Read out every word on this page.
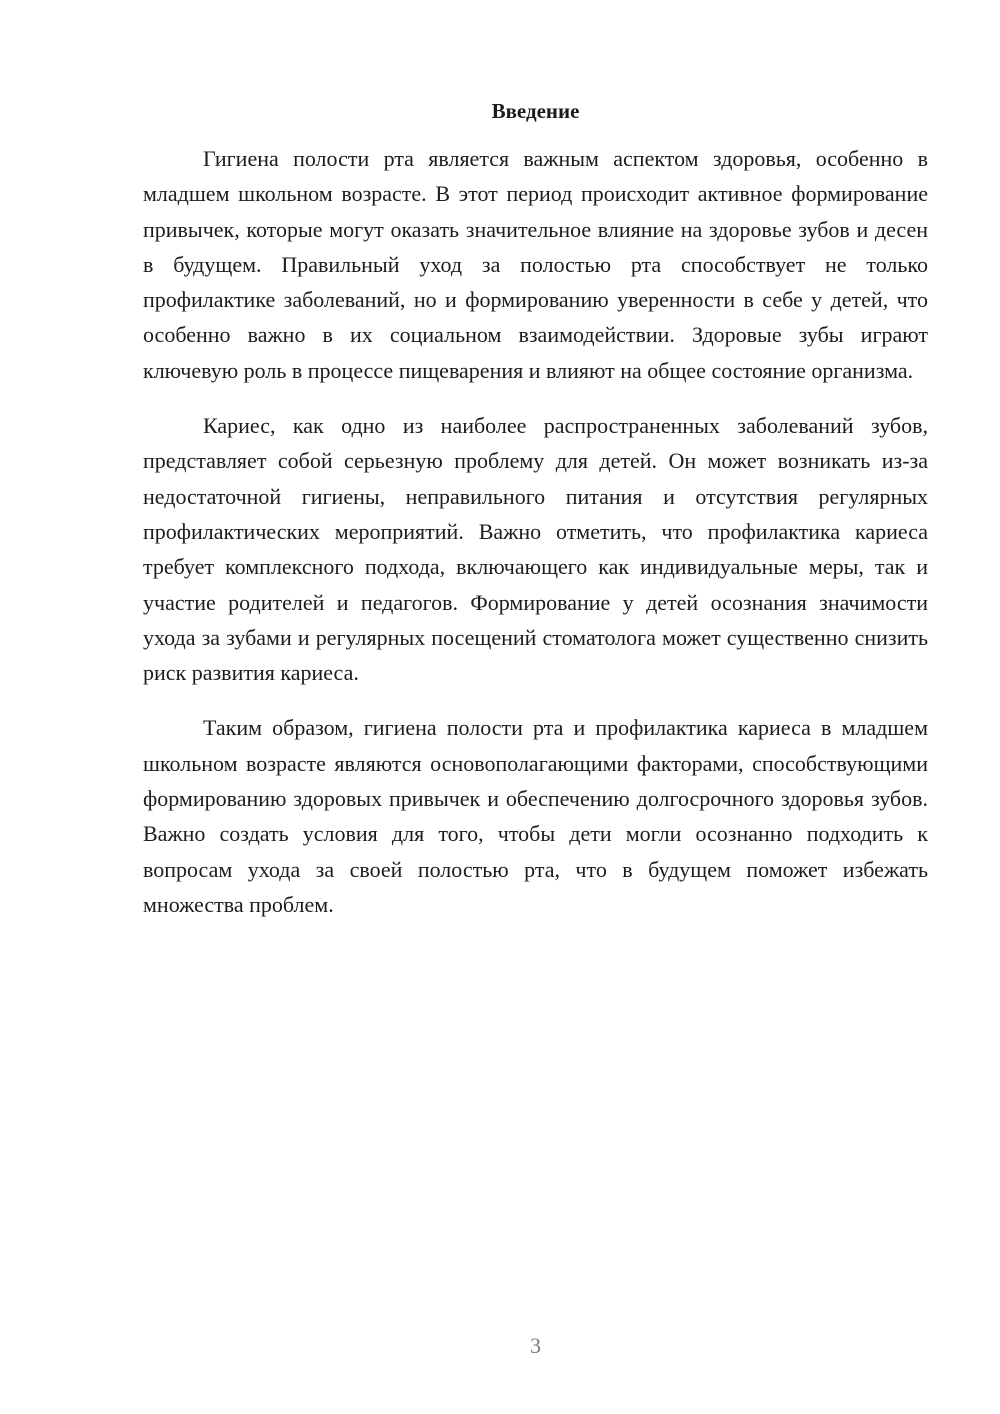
Введение

Гигиена полости рта является важным аспектом здоровья, особенно в младшем школьном возрасте. В этот период происходит активное формирование привычек, которые могут оказать значительное влияние на здоровье зубов и десен в будущем. Правильный уход за полостью рта способствует не только профилактике заболеваний, но и формированию уверенности в себе у детей, что особенно важно в их социальном взаимодействии. Здоровые зубы играют ключевую роль в процессе пищеварения и влияют на общее состояние организма.

Кариес, как одно из наиболее распространенных заболеваний зубов, представляет собой серьезную проблему для детей. Он может возникать из-за недостаточной гигиены, неправильного питания и отсутствия регулярных профилактических мероприятий. Важно отметить, что профилактика кариеса требует комплексного подхода, включающего как индивидуальные меры, так и участие родителей и педагогов. Формирование у детей осознания значимости ухода за зубами и регулярных посещений стоматолога может существенно снизить риск развития кариеса.

Таким образом, гигиена полости рта и профилактика кариеса в младшем школьном возрасте являются основополагающими факторами, способствующими формированию здоровых привычек и обеспечению долгосрочного здоровья зубов. Важно создать условия для того, чтобы дети могли осознанно подходить к вопросам ухода за своей полостью рта, что в будущем поможет избежать множества проблем.

3
